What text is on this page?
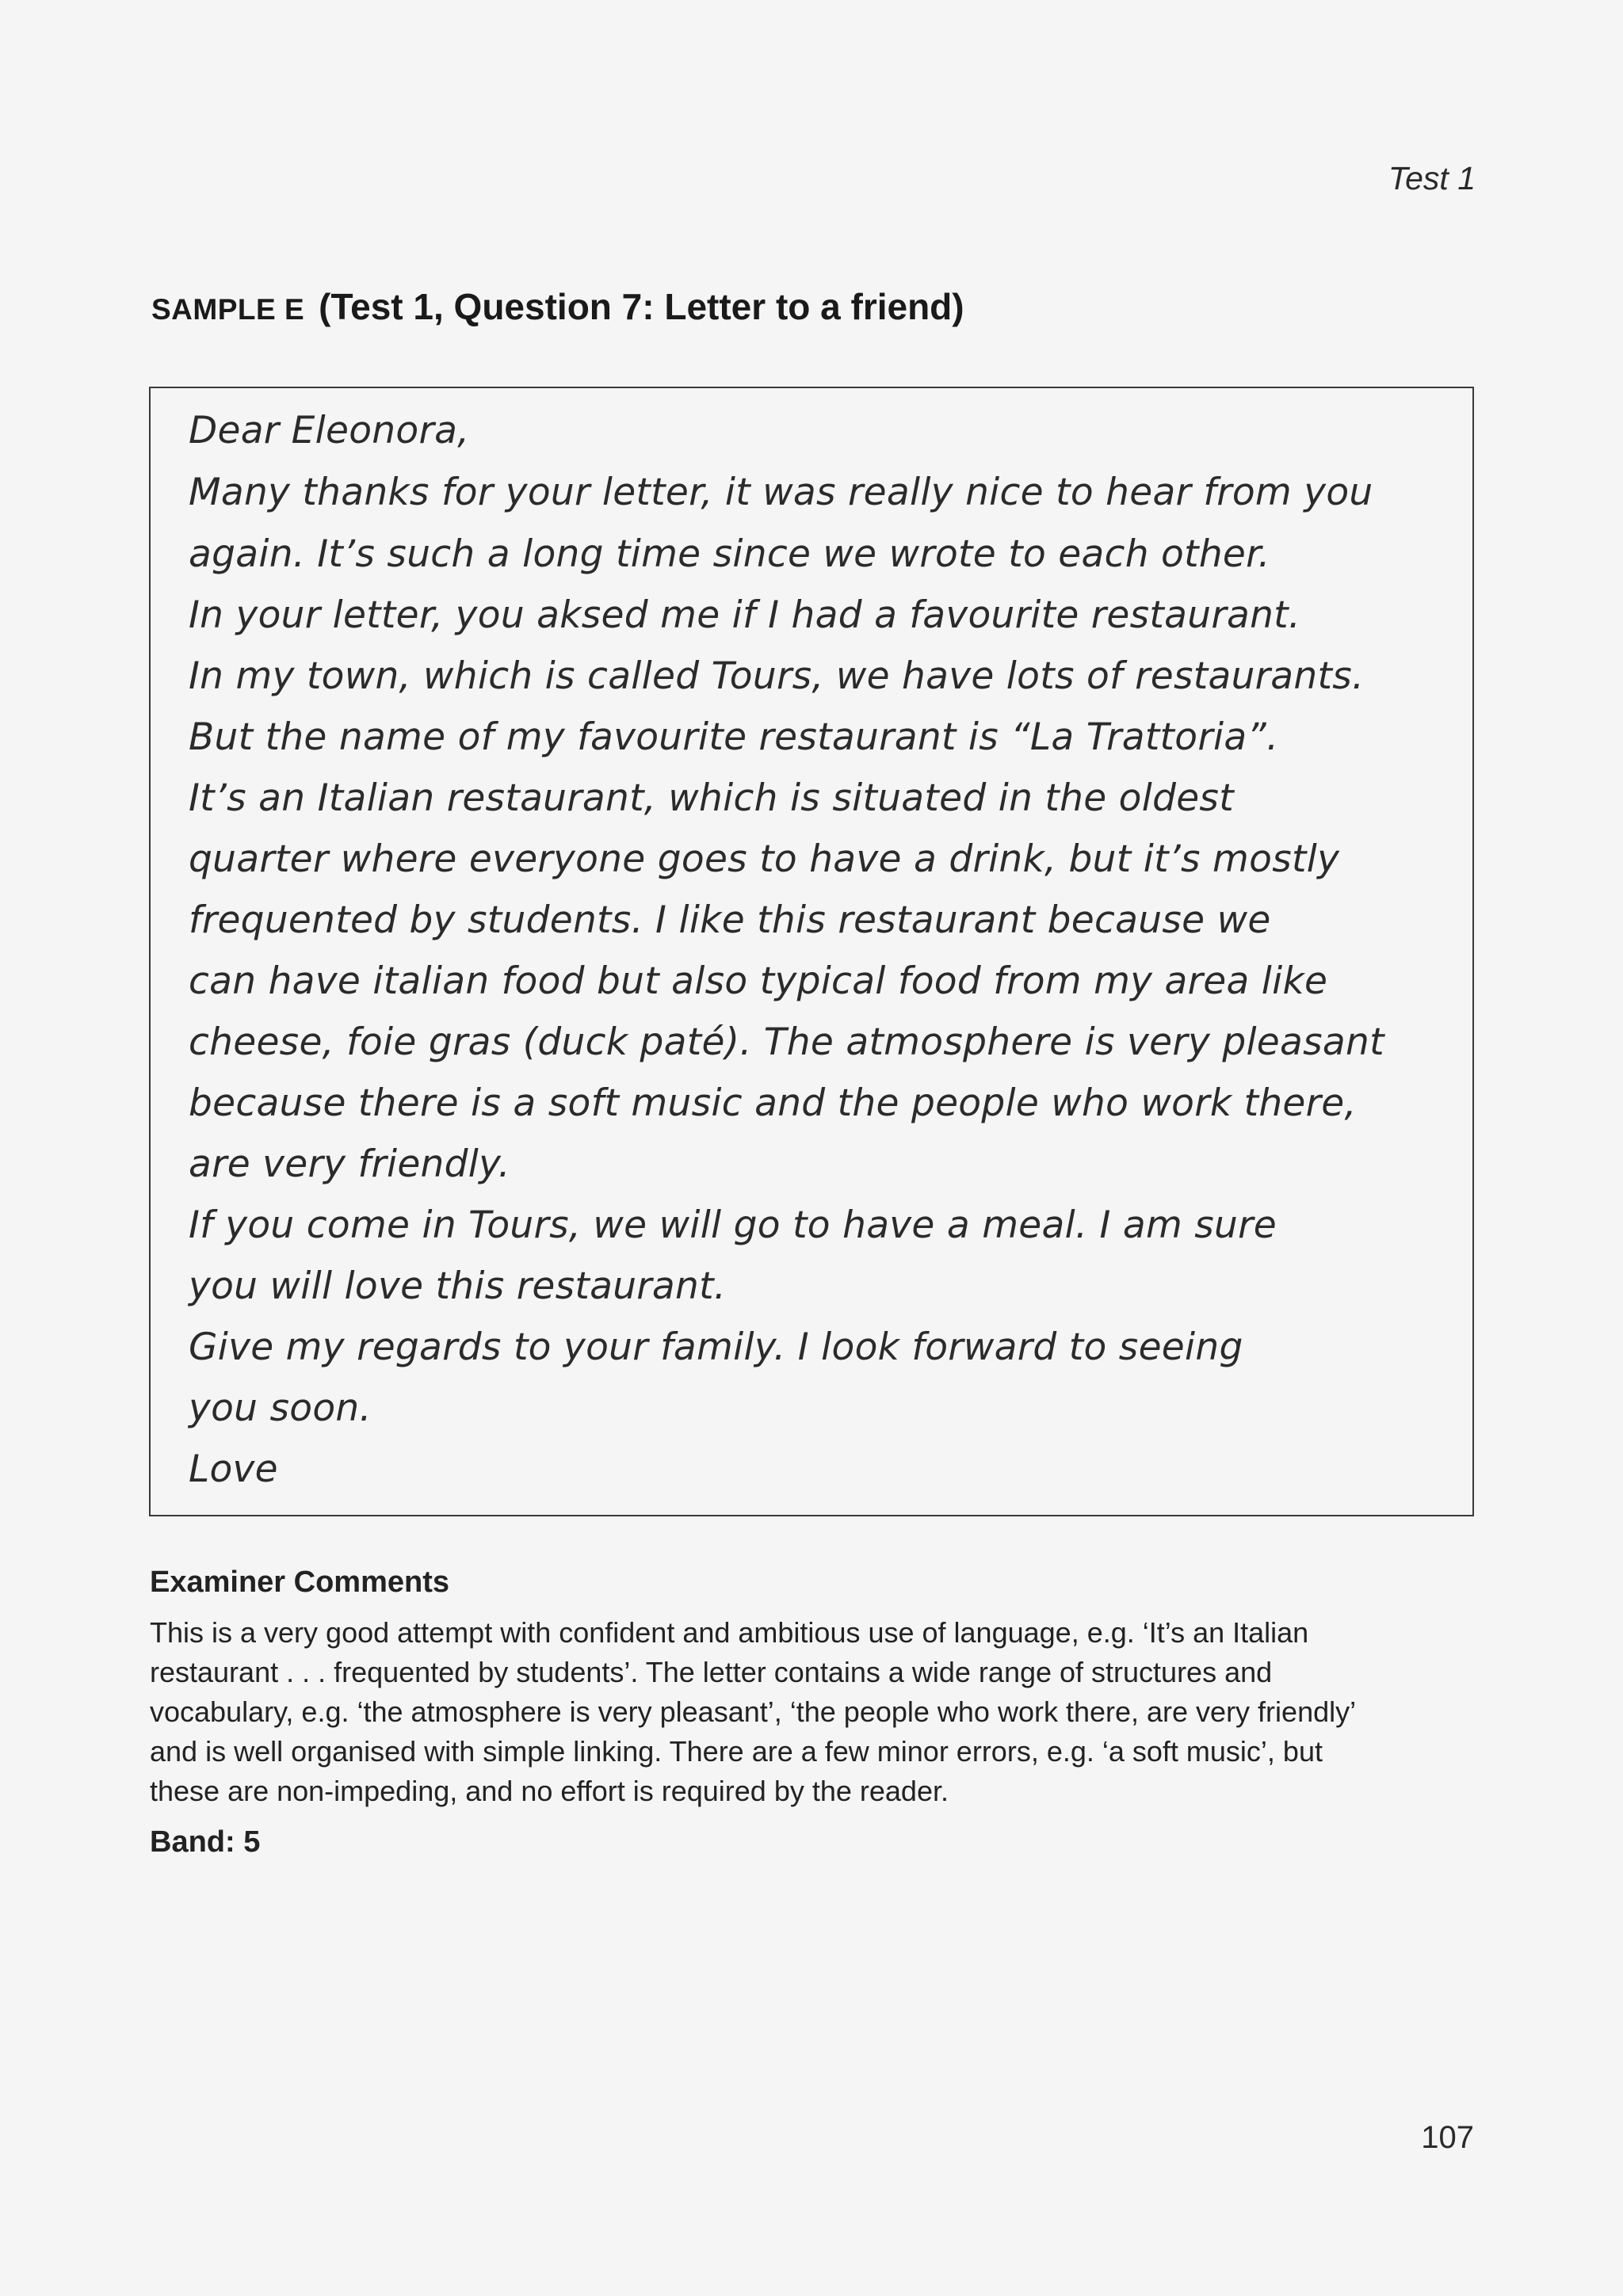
Test 1
SAMPLE E (Test 1, Question 7: Letter to a friend)
Dear Eleonora,
Many thanks for your letter, it was really nice to hear from you
again. It’s such a long time since we wrote to each other.
In your letter, you aksed me if I had a favourite restaurant.
In my town, which is called Tours, we have lots of restaurants.
But the name of my favourite restaurant is “La Trattoria”.
It’s an Italian restaurant, which is situated in the oldest
quarter where everyone goes to have a drink, but it’s mostly
frequented by students. I like this restaurant because we
can have italian food but also typical food from my area like
cheese, foie gras (duck paté). The atmosphere is very pleasant
because there is a soft music and the people who work there,
are very friendly.
If you come in Tours, we will go to have a meal. I am sure
you will love this restaurant.
Give my regards to your family. I look forward to seeing
you soon.
Love
Examiner Comments
This is a very good attempt with confident and ambitious use of language, e.g. ‘It’s an Italian
restaurant . . . frequented by students’. The letter contains a wide range of structures and
vocabulary, e.g. ‘the atmosphere is very pleasant’, ‘the people who work there, are very friendly’
and is well organised with simple linking. There are a few minor errors, e.g. ‘a soft music’, but
these are non-impeding, and no effort is required by the reader.
Band: 5
107
